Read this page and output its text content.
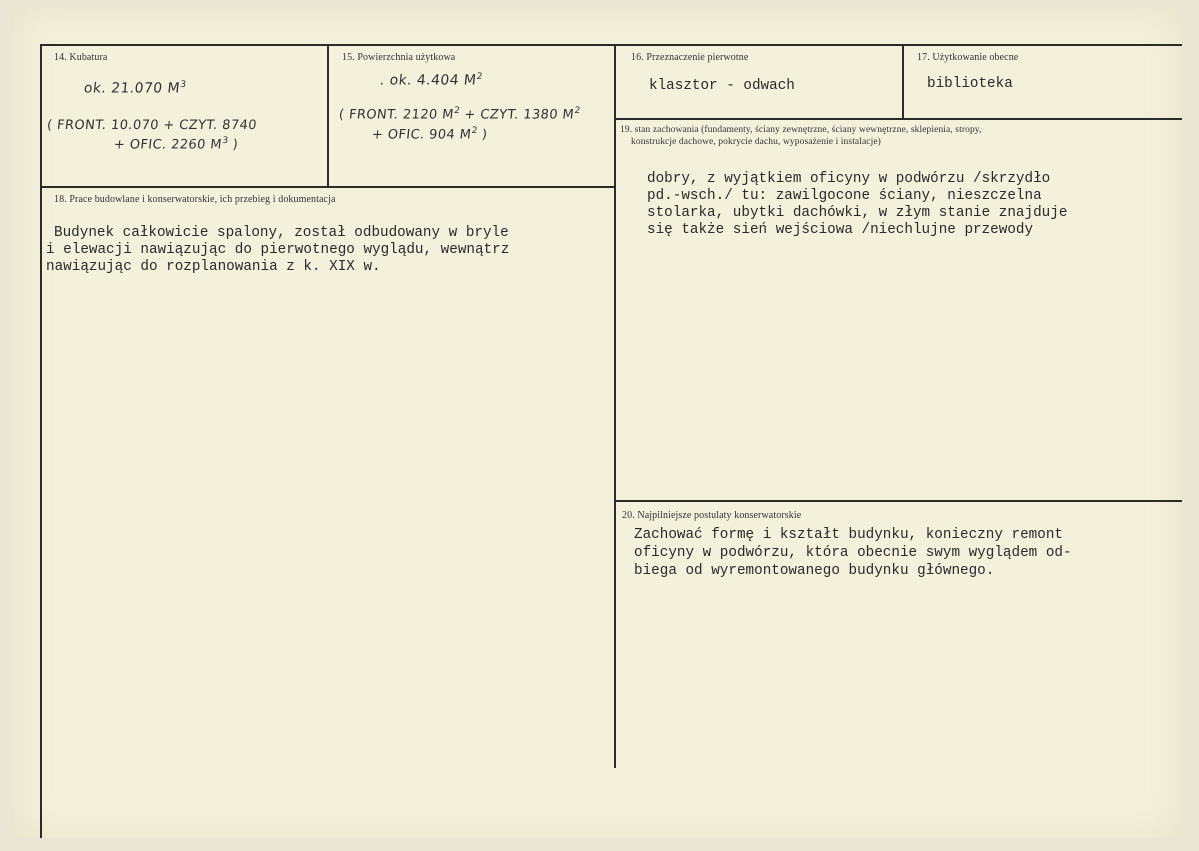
14. Kubatura
ok. 21.070 $M^3$
( FRONT. 10.070 + CZYT. 8740
+ OFIC. 2260 $M^3$ )
15. Powierzchnia użytkowa
. ok. 4.404 $M^2$
( FRONT. 2120 $M^2$ + CZYT. 1380 $M^2$
+ OFIC. 904 $M^2$ )
16. Przeznaczenie pierwotne
klasztor - odwach
17. Użytkowanie obecne
biblioteka
18. Prace budowlane i konserwatorskie, ich przebieg i dokumentacja
Budynek całkowicie spalony, został odbudowany w bryle
i elewacji nawiązując do pierwotnego wyglądu, wewnątrz
nawiązując do rozplanowania z k. XIX w.
19. stan zachowania (fundamenty, ściany zewnętrzne, ściany wewnętrzne, sklepienia, stropy,
konstrukcje dachowe, pokrycie dachu, wyposażenie i instalacje)
dobry, z wyjątkiem oficyny w podwórzu /skrzydło
pd.-wsch./ tu: zawilgocone ściany, nieszczelna
stolarka, ubytki dachówki, w złym stanie znajduje
się także sień wejściowa /niechlujne przewody
20. Najpilniejsze postulaty konserwatorskie
Zachować formę i kształt budynku, konieczny remont
oficyny w podwórzu, która obecnie swym wyglądem od-
biega od wyremontowanego budynku głównego.
